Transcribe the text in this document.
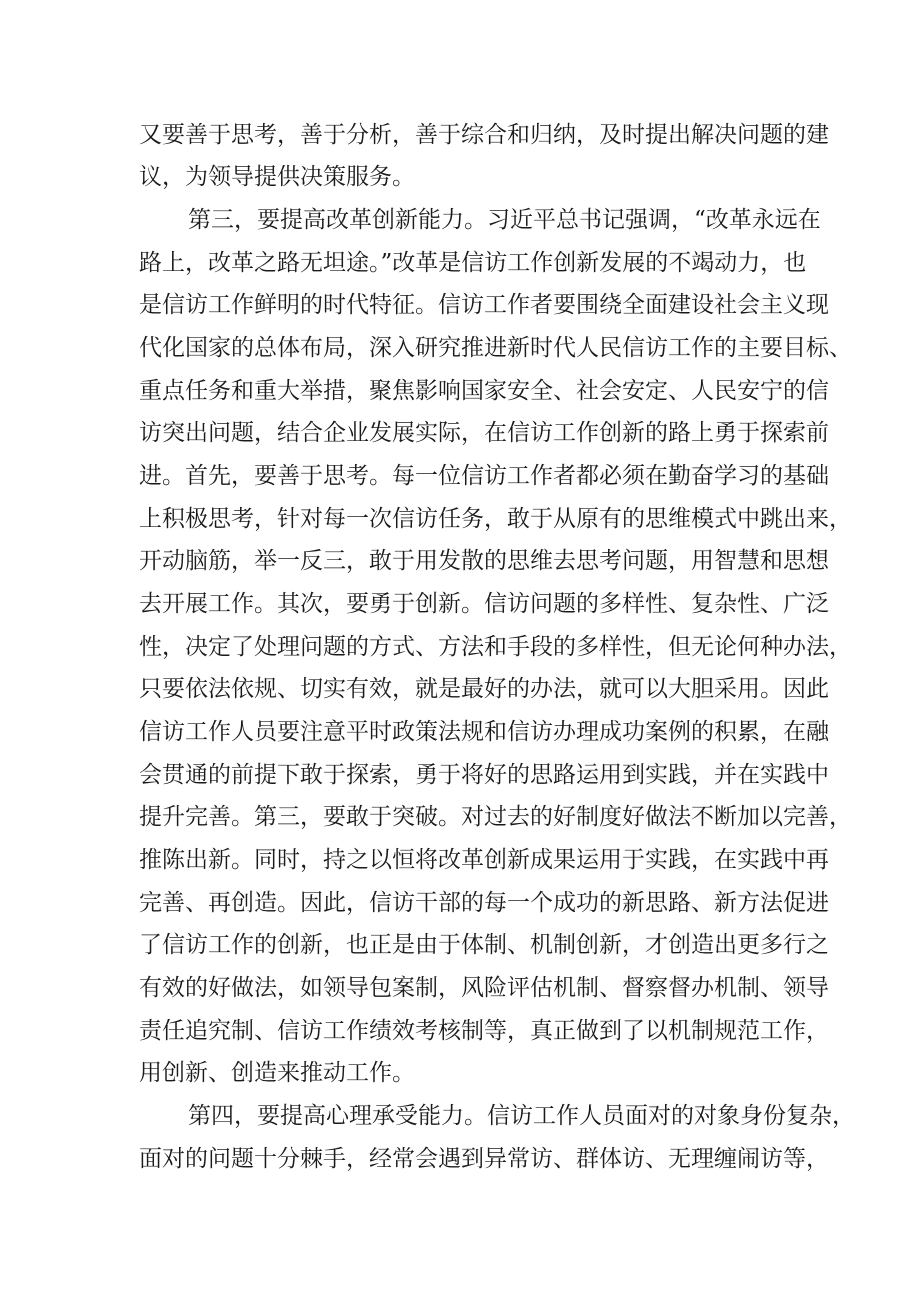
又要善于思考，善于分析，善于综合和归纳，及时提出解决问题的建
议，为领导提供决策服务。
第三，要提高改革创新能力。习近平总书记强调，“改革永远在
路上，改革之路无坦途。”改革是信访工作创新发展的不竭动力，也
是信访工作鲜明的时代特征。信访工作者要围绕全面建设社会主义现
代化国家的总体布局，深入研究推进新时代人民信访工作的主要目标、
重点任务和重大举措，聚焦影响国家安全、社会安定、人民安宁的信
访突出问题，结合企业发展实际，在信访工作创新的路上勇于探索前
进。首先，要善于思考。每一位信访工作者都必须在勤奋学习的基础
上积极思考，针对每一次信访任务，敢于从原有的思维模式中跳出来，
开动脑筋，举一反三，敢于用发散的思维去思考问题，用智慧和思想
去开展工作。其次，要勇于创新。信访问题的多样性、复杂性、广泛
性，决定了处理问题的方式、方法和手段的多样性，但无论何种办法，
只要依法依规、切实有效，就是最好的办法，就可以大胆采用。因此
信访工作人员要注意平时政策法规和信访办理成功案例的积累，在融
会贯通的前提下敢于探索，勇于将好的思路运用到实践，并在实践中
提升完善。第三，要敢于突破。对过去的好制度好做法不断加以完善，
推陈出新。同时，持之以恒将改革创新成果运用于实践，在实践中再
完善、再创造。因此，信访干部的每一个成功的新思路、新方法促进
了信访工作的创新，也正是由于体制、机制创新，才创造出更多行之
有效的好做法，如领导包案制，风险评估机制、督察督办机制、领导
责任追究制、信访工作绩效考核制等，真正做到了以机制规范工作，
用创新、创造来推动工作。
第四，要提高心理承受能力。信访工作人员面对的对象身份复杂，
面对的问题十分棘手，经常会遇到异常访、群体访、无理缠闹访等，
